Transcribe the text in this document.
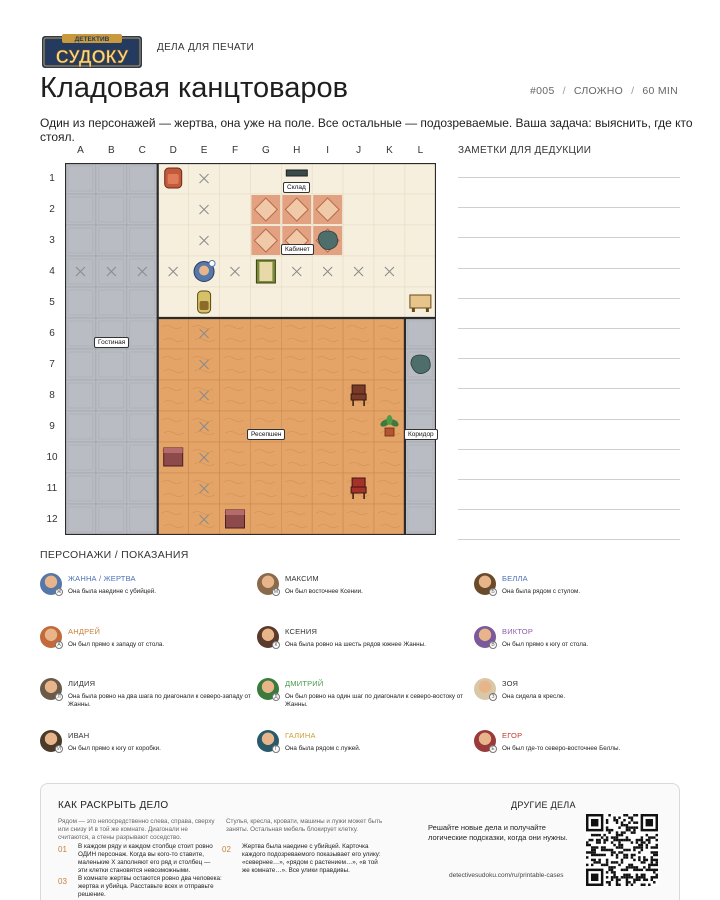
ДЕТЕКТИВ
СУДОКУ	ДЕЛА ДЛЯ ПЕЧАТИ
Кладовая канцтоваров	#005 / СЛОЖНО / 60 MIN
Один из персонажей — жертва, она уже на поле. Все остальные — подозреваемые. Ваша задача: выяснить, где кто стоял.
A	B	C	D	E	F	G	H	I	J	K	L
1
2
3
4
5
6
7
8
9
10
11
12
Склад
Кабинет
Гостиная
Ресепшен	Коридор
ЗАМЕТКИ ДЛЯ ДЕДУКЦИИ
ПЕРСОНАЖИ / ПОКАЗАНИЯ
Ж
ЖАННА / ЖЕРТВА
Она была наедине с убийцей.	М
МАКСИМ
Он был восточнее Ксении.	Б
БЕЛЛА
Она была рядом с стулом.
А
АНДРЕЙ
Он был прямо к западу от стола.	К
КСЕНИЯ
Она была ровно на шесть рядов южнее Жанны.	В
ВИКТОР
Он был прямо к югу от стола.
Л
ЛИДИЯ
Она была ровно на два шага по диагонали к северо-западу от Жанны.
Д
ДМИТРИЙ
Он был ровно на один шаг по диагонали к северо-востоку от Жанны.
З
ЗОЯ
Она сидела в кресле.
И
ИВАН
Он был прямо к югу от коробки.	Г
ГАЛИНА
Она была рядом с лужей.	Е
ЕГОР
Он был где-то северо-восточнее Беллы.
КАК РАСКРЫТЬ ДЕЛО
Рядом — это непосредственно слева, справа, сверху или снизу И в той же комнате. Диагонали не считаются, а стены разрывают соседство.
Стулья, кресла, кровати, машины и лужи может быть заняты. Остальная мебель блокирует клетку.
01 В каждом ряду и каждом столбце стоит ровно ОДИН персонаж. Когда вы кого-то ставите, маленькие X заполняют его ряд и столбец — эти клетки становятся невозможными.
02 Жертва была наедине с убийцей. Карточка каждого подозреваемого показывает его улику: «севернее…», «рядом с растением…», «в той же комнате…». Все улики правдивы.
03 В комнате жертвы остаются ровно два человека: жертва и убийца. Расставьте всех и отправьте решение.
ДРУГИЕ ДЕЛА
Решайте новые дела и получайте логические подсказки, когда они нужны.
detectivesudoku.com/ru/printable-cases
